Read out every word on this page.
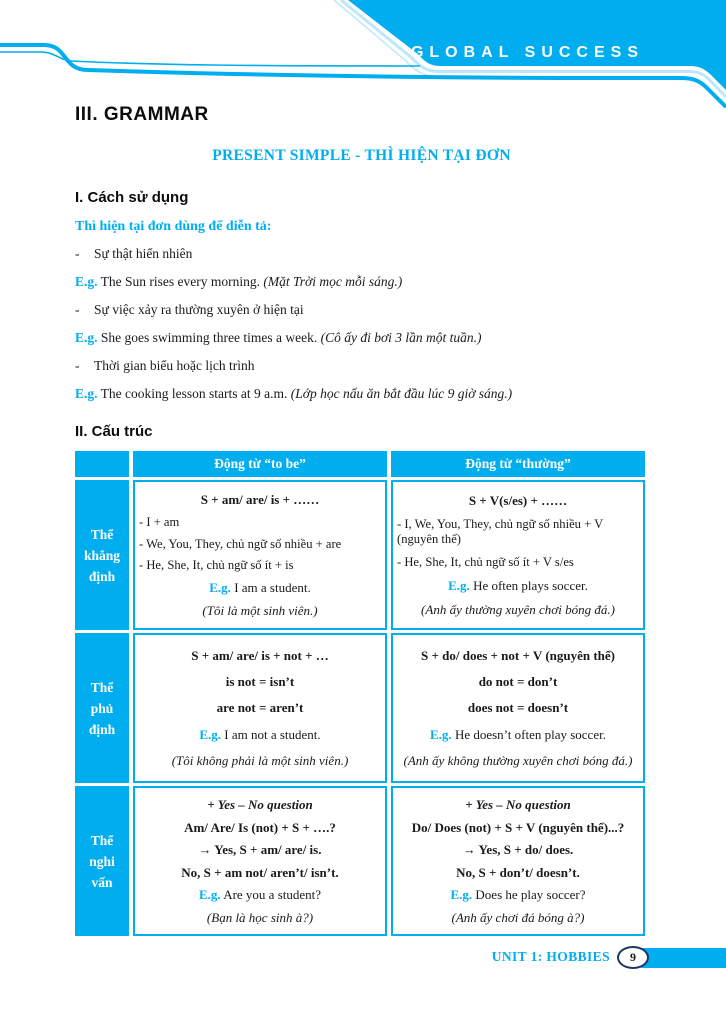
GLOBAL SUCCESS
III. GRAMMAR
PRESENT SIMPLE - THÌ HIỆN TẠI ĐƠN
I. Cách sử dụng
Thì hiện tại đơn dùng để diễn tả:
- Sự thật hiển nhiên
E.g. The Sun rises every morning. (Mặt Trời mọc mỗi sáng.)
- Sự việc xảy ra thường xuyên ở hiện tại
E.g. She goes swimming three times a week. (Cô ấy đi bơi 3 lần một tuần.)
- Thời gian biểu hoặc lịch trình
E.g. The cooking lesson starts at 9 a.m. (Lớp học nấu ăn bắt đầu lúc 9 giờ sáng.)
II. Cấu trúc
Động từ “to be”	Động từ “thường”
Thể
khẳng
định
S + am/ are/ is + ……
- I + am
- We, You, They, chủ ngữ số nhiều + are
- He, She, It, chủ ngữ số ít + is
E.g. I am a student.
(Tôi là một sinh viên.)
S + V(s/es) + ……
- I, We, You, They, chủ ngữ số nhiều + V (nguyên thể)
- He, She, It, chủ ngữ số ít + V s/es
E.g. He often plays soccer.
(Anh ấy thường xuyên chơi bóng đá.)
Thể
phủ
định
S + am/ are/ is + not + …
is not = isn’t
are not = aren’t
E.g. I am not a student.
(Tôi không phải là một sinh viên.)
S + do/ does + not + V (nguyên thể)
do not = don’t
does not = doesn’t
E.g. He doesn’t often play soccer.
(Anh ấy không thường xuyên chơi bóng đá.)
Thể
nghi
vấn
+ Yes – No question
Am/ Are/ Is (not) + S + ….?
→ Yes, S + am/ are/ is.
No, S + am not/ aren’t/ isn’t.
E.g. Are you a student?
(Bạn là học sinh à?)
+ Yes – No question
Do/ Does (not) + S + V (nguyên thể)...?
→ Yes, S + do/ does.
No, S + don’t/ doesn’t.
E.g. Does he play soccer?
(Anh ấy chơi đá bóng à?)
UNIT 1: HOBBIES	9
